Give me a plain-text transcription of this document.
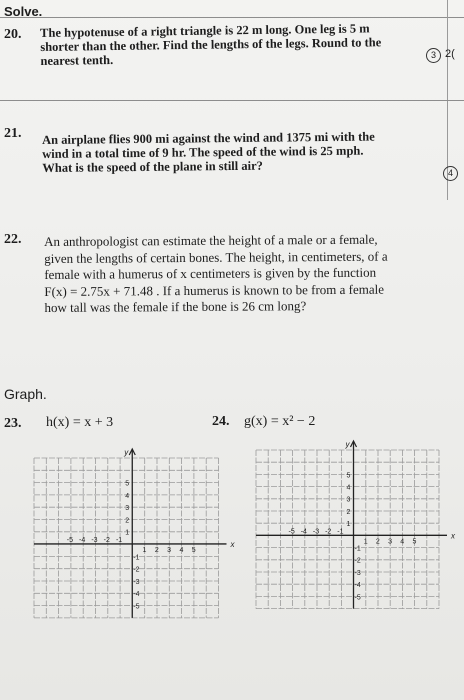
Solve.
20. The hypotenuse of a right triangle is 22 m long. One leg is 5 m
shorter than the other. Find the lengths of the legs. Round to the
nearest tenth.	3 2(
21. An airplane flies 900 mi against the wind and 1375 mi with the
wind in a total time of 9 hr. The speed of the wind is 25 mph.
What is the speed of the plane in still air?	4
22. An anthropologist can estimate the height of a male or a female,
given the lengths of certain bones. The height, in centimeters, of a
female with a humerus of x centimeters is given by the function
F(x) = 2.75x + 71.48 . If a humerus is known to be from a female
how tall was the female if the bone is 26 cm long?
Graph.
23. h(x) = x + 3	24. g(x) = x² − 2
y
x
1
1
2
2
3
3
4
4
5
5
-5 -4 -3 -2 -1
-1
-2
-3
-4
-5
y
x
1
1
2
2
3
3
4
4
5
5
-5 -4 -3 -2 -1
-1
-2
-3
-4
-5
